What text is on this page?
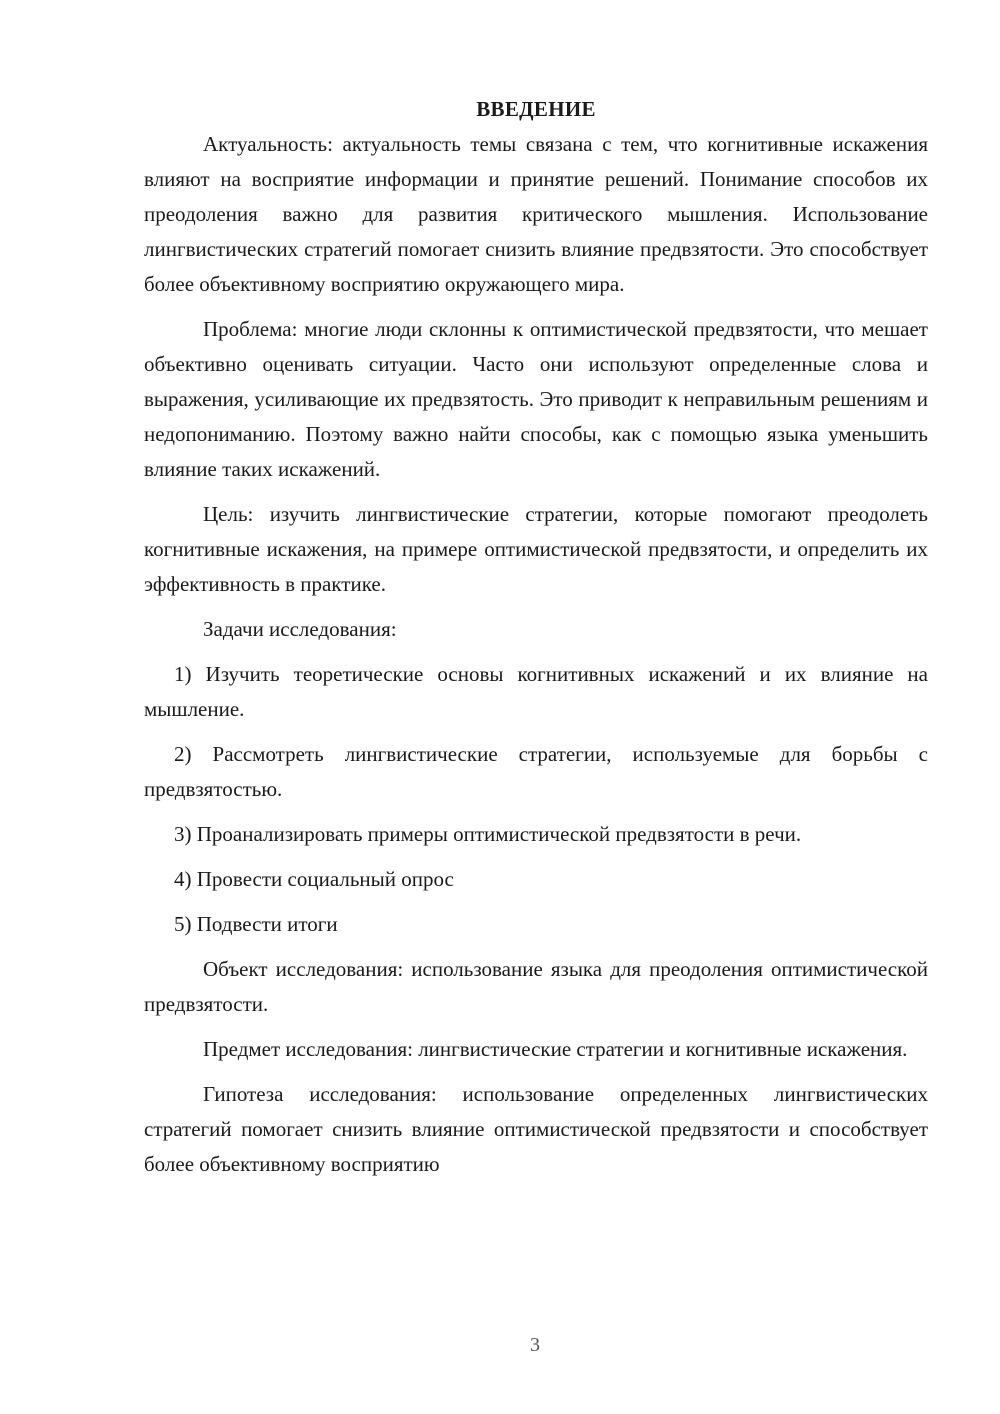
ВВЕДЕНИЕ

Актуальность: актуальность темы связана с тем, что когнитивные искажения влияют на восприятие информации и принятие решений. Понимание способов их преодоления важно для развития критического мышления. Использование лингвистических стратегий помогает снизить влияние предвзятости. Это способствует более объективному восприятию окружающего мира.

Проблема: многие люди склонны к оптимистической предвзятости, что мешает объективно оценивать ситуации. Часто они используют определенные слова и выражения, усиливающие их предвзятость. Это приводит к неправильным решениям и недопониманию. Поэтому важно найти способы, как с помощью языка уменьшить влияние таких искажений.

Цель: изучить лингвистические стратегии, которые помогают преодолеть когнитивные искажения, на примере оптимистической предвзятости, и определить их эффективность в практике.

Задачи исследования:

1) Изучить теоретические основы когнитивных искажений и их влияние на мышление.

2) Рассмотреть лингвистические стратегии, используемые для борьбы с предвзятостью.

3) Проанализировать примеры оптимистической предвзятости в речи.

4) Провести социальный опрос

5) Подвести итоги

Объект исследования: использование языка для преодоления оптимистической предвзятости.

Предмет исследования: лингвистические стратегии и когнитивные искажения.

Гипотеза исследования: использование определенных лингвистических стратегий помогает снизить влияние оптимистической предвзятости и способствует более объективному восприятию

3
